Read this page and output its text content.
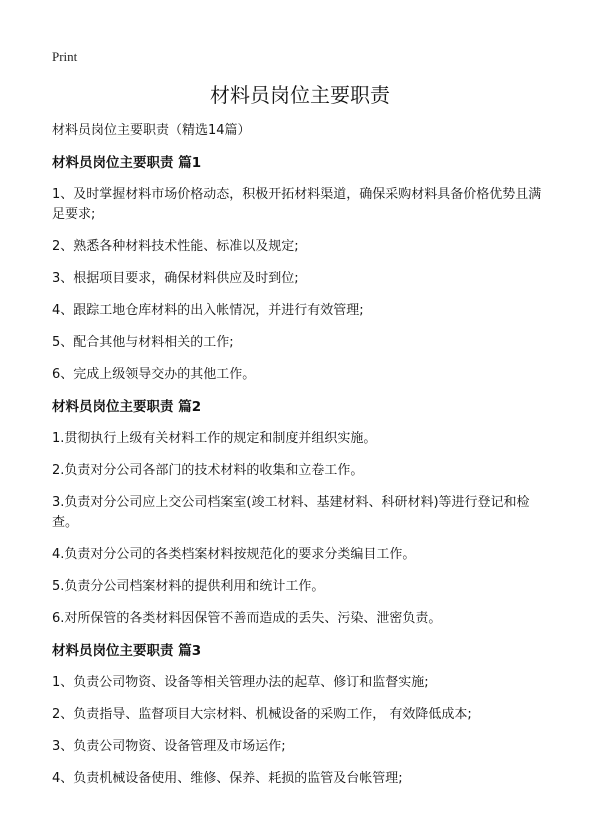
Print
材料员岗位主要职责
材料员岗位主要职责（精选14篇）
材料员岗位主要职责 篇1
1、及时掌握材料市场价格动态，积极开拓材料渠道，确保采购材料具备价格优势且满足要求;
2、熟悉各种材料技术性能、标准以及规定;
3、根据项目要求，确保材料供应及时到位;
4、跟踪工地仓库材料的出入帐情况，并进行有效管理;
5、配合其他与材料相关的工作;
6、完成上级领导交办的其他工作。
材料员岗位主要职责 篇2
1.贯彻执行上级有关材料工作的规定和制度并组织实施。
2.负责对分公司各部门的技术材料的收集和立卷工作。
3.负责对分公司应上交公司档案室(竣工材料、基建材料、科研材料)等进行登记和检查。
4.负责对分公司的各类档案材料按规范化的要求分类编目工作。
5.负责分公司档案材料的提供利用和统计工作。
6.对所保管的各类材料因保管不善而造成的丢失、污染、泄密负责。
材料员岗位主要职责 篇3
1、负责公司物资、设备等相关管理办法的起草、修订和监督实施;
2、负责指导、监督项目大宗材料、机械设备的采购工作， 有效降低成本;
3、负责公司物资、设备管理及市场运作;
4、负责机械设备使用、维修、保养、耗损的监管及台帐管理;
